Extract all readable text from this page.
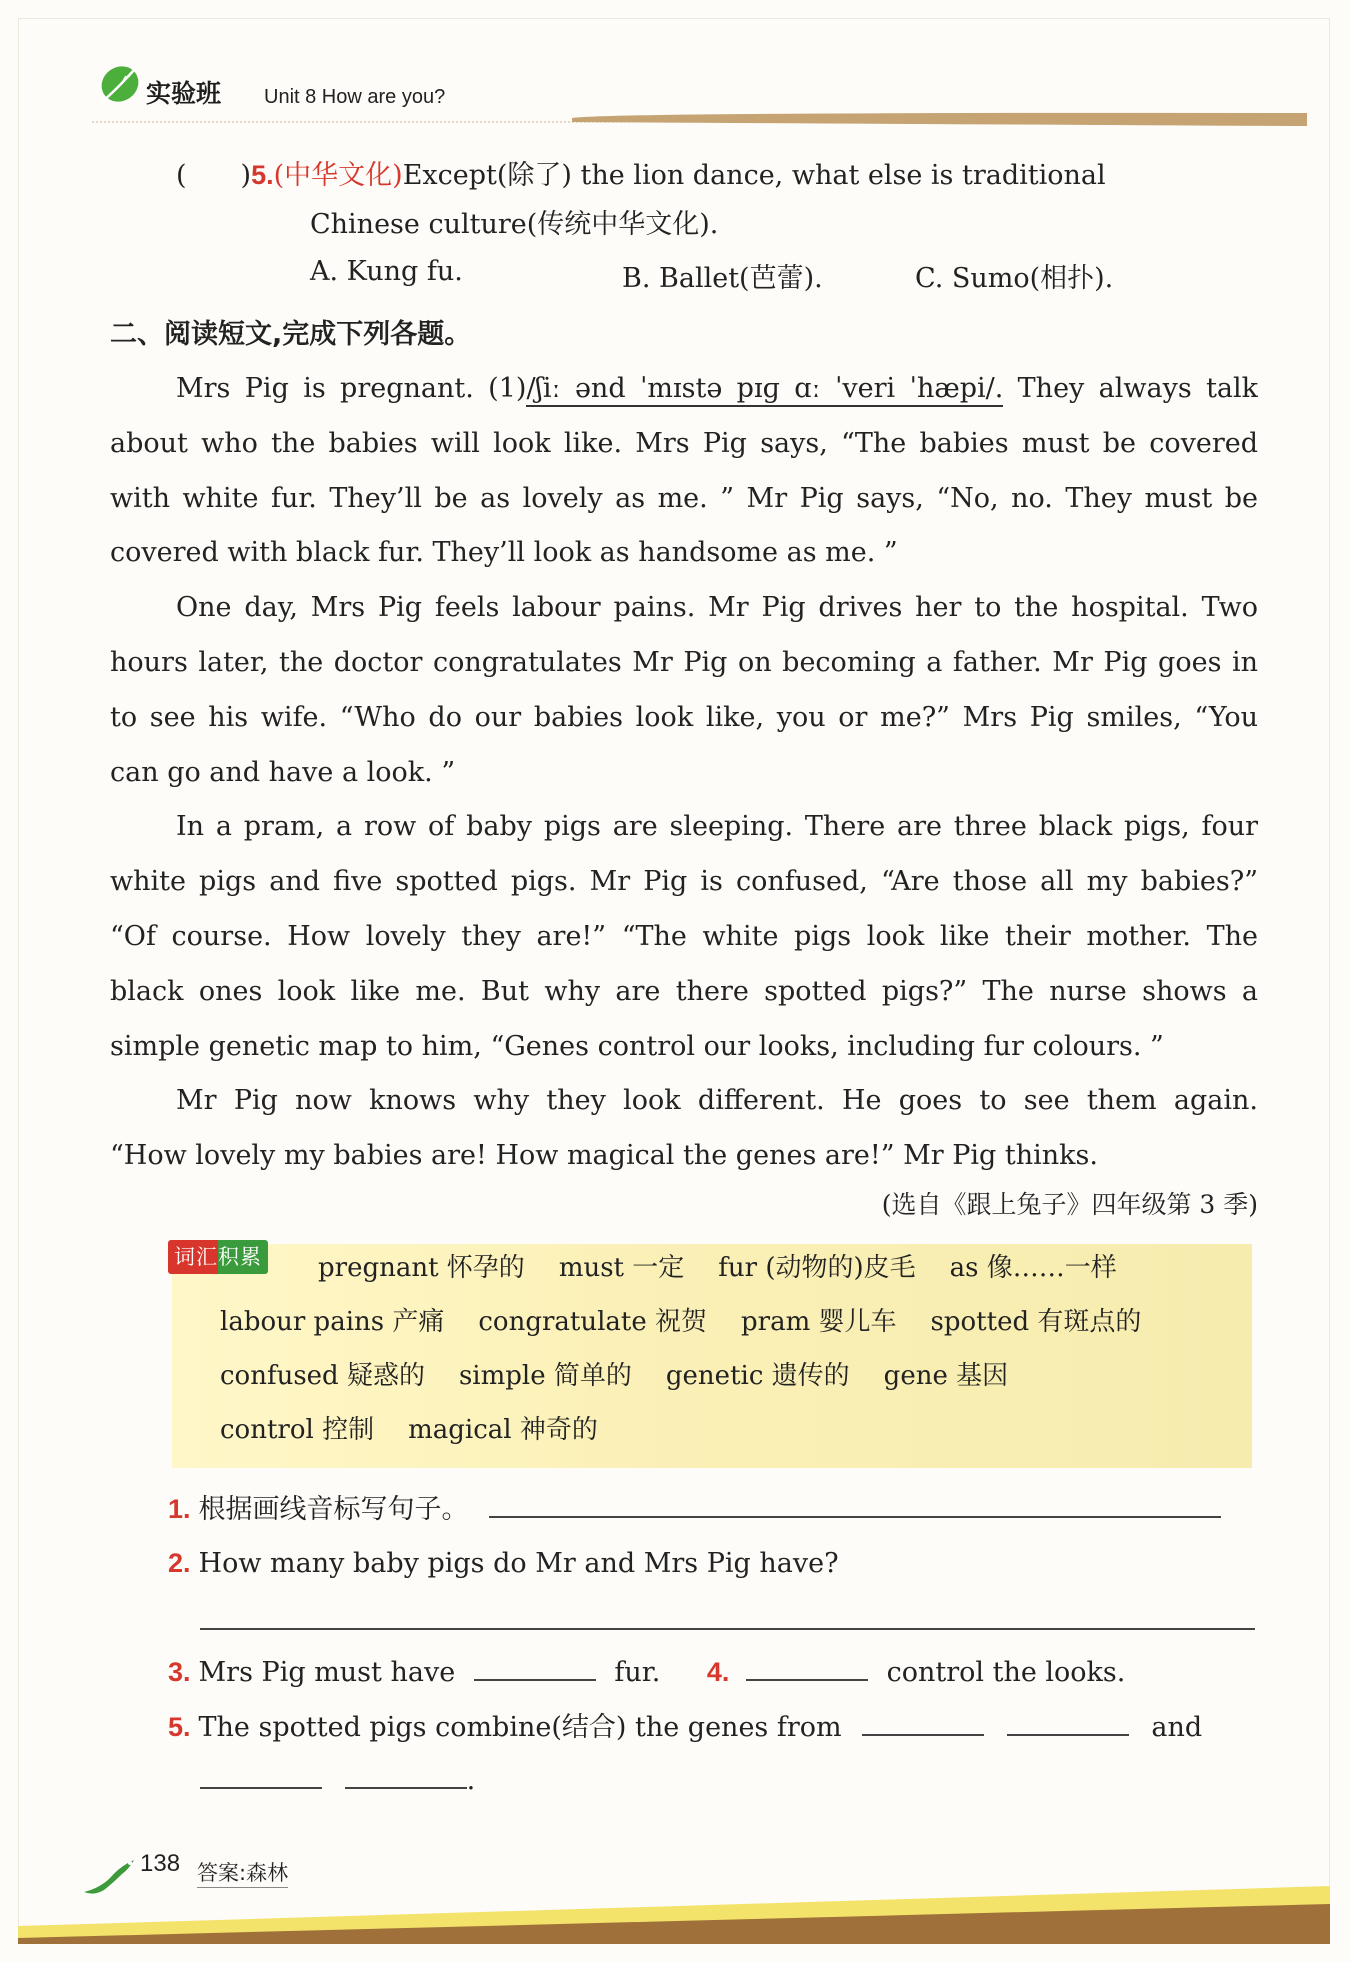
实验班 Unit 8 How are you?
(　　)5.(中华文化)Except(除了) the lion dance, what else is traditional
Chinese culture(传统中华文化).
A. Kung fu.	B. Ballet(芭蕾).	C. Sumo(相扑).
二、阅读短文,完成下列各题。
Mrs Pig is pregnant. (1)/ʃiː ənd ˈmɪstə pɪɡ ɑː ˈveri ˈhæpi/. They always talk
about who the babies will look like. Mrs Pig says, “The babies must be covered
with white fur. They’ll be as lovely as me. ” Mr Pig says, “No, no. They must be
covered with black fur. They’ll look as handsome as me. ”
One day, Mrs Pig feels labour pains. Mr Pig drives her to the hospital. Two
hours later, the doctor congratulates Mr Pig on becoming a father. Mr Pig goes in
to see his wife. “Who do our babies look like, you or me?” Mrs Pig smiles, “You
can go and have a look. ”
In a pram, a row of baby pigs are sleeping. There are three black pigs, four
white pigs and five spotted pigs. Mr Pig is confused, “Are those all my babies?”
“Of course. How lovely they are!” “The white pigs look like their mother. The
black ones look like me. But why are there spotted pigs?” The nurse shows a
simple genetic map to him, “Genes control our looks, including fur colours. ”
Mr Pig now knows why they look different. He goes to see them again.
“How lovely my babies are! How magical the genes are!” Mr Pig thinks.
(选自《跟上兔子》四年级第 3 季)
词汇积累 pregnant 怀孕的 must 一定 fur (动物的)皮毛 as 像……一样
labour pains 产痛 congratulate 祝贺 pram 婴儿车 spotted 有斑点的
confused 疑惑的 simple 简单的 genetic 遗传的 gene 基因
control 控制 magical 神奇的
1. 根据画线音标写句子。
2. How many baby pigs do Mr and Mrs Pig have?
3. Mrs Pig must have	fur. 4.	control the looks.
5. The spotted pigs combine(结合) the genes from	and
.
138 答案:森林
